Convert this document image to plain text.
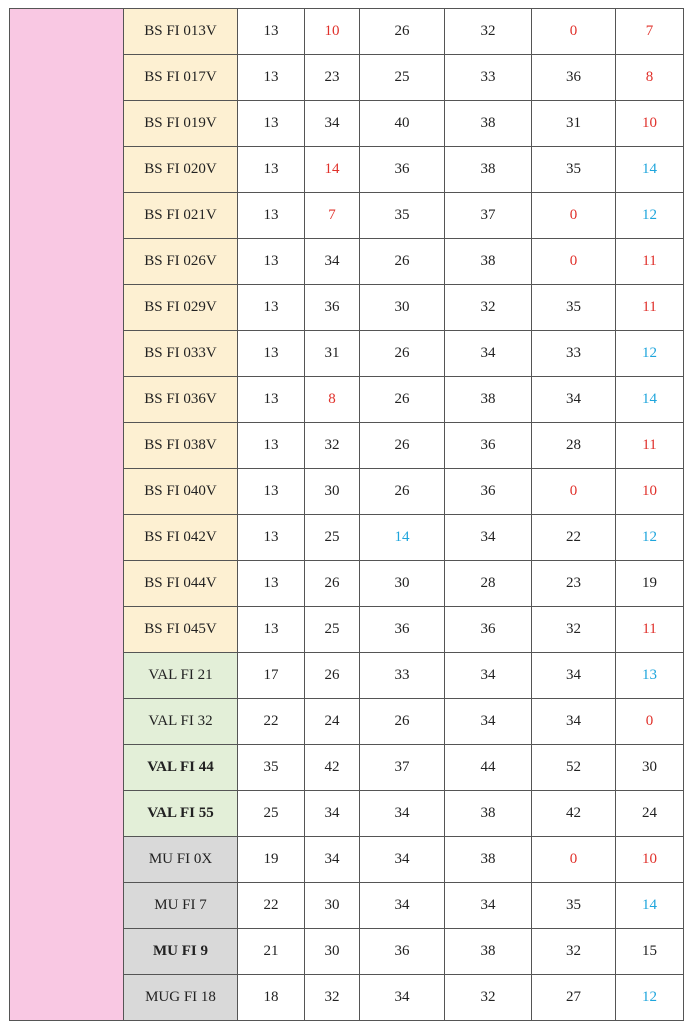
	BS FI 013V	13	10	26	32	0	7
	BS FI 017V	13	23	25	33	36	8
	BS FI 019V	13	34	40	38	31	10
	BS FI 020V	13	14	36	38	35	14
	BS FI 021V	13	7	35	37	0	12
	BS FI 026V	13	34	26	38	0	11
	BS FI 029V	13	36	30	32	35	11
	BS FI 033V	13	31	26	34	33	12
	BS FI 036V	13	8	26	38	34	14
	BS FI 038V	13	32	26	36	28	11
	BS FI 040V	13	30	26	36	0	10
	BS FI 042V	13	25	14	34	22	12
	BS FI 044V	13	26	30	28	23	19
	BS FI 045V	13	25	36	36	32	11
	VAL FI 21	17	26	33	34	34	13
	VAL FI 32	22	24	26	34	34	0
	VAL FI 44	35	42	37	44	52	30
	VAL FI 55	25	34	34	38	42	24
	MU FI 0X	19	34	34	38	0	10
	MU FI 7	22	30	34	34	35	14
	MU FI 9	21	30	36	38	32	15
	MUG FI 18	18	32	34	32	27	12
